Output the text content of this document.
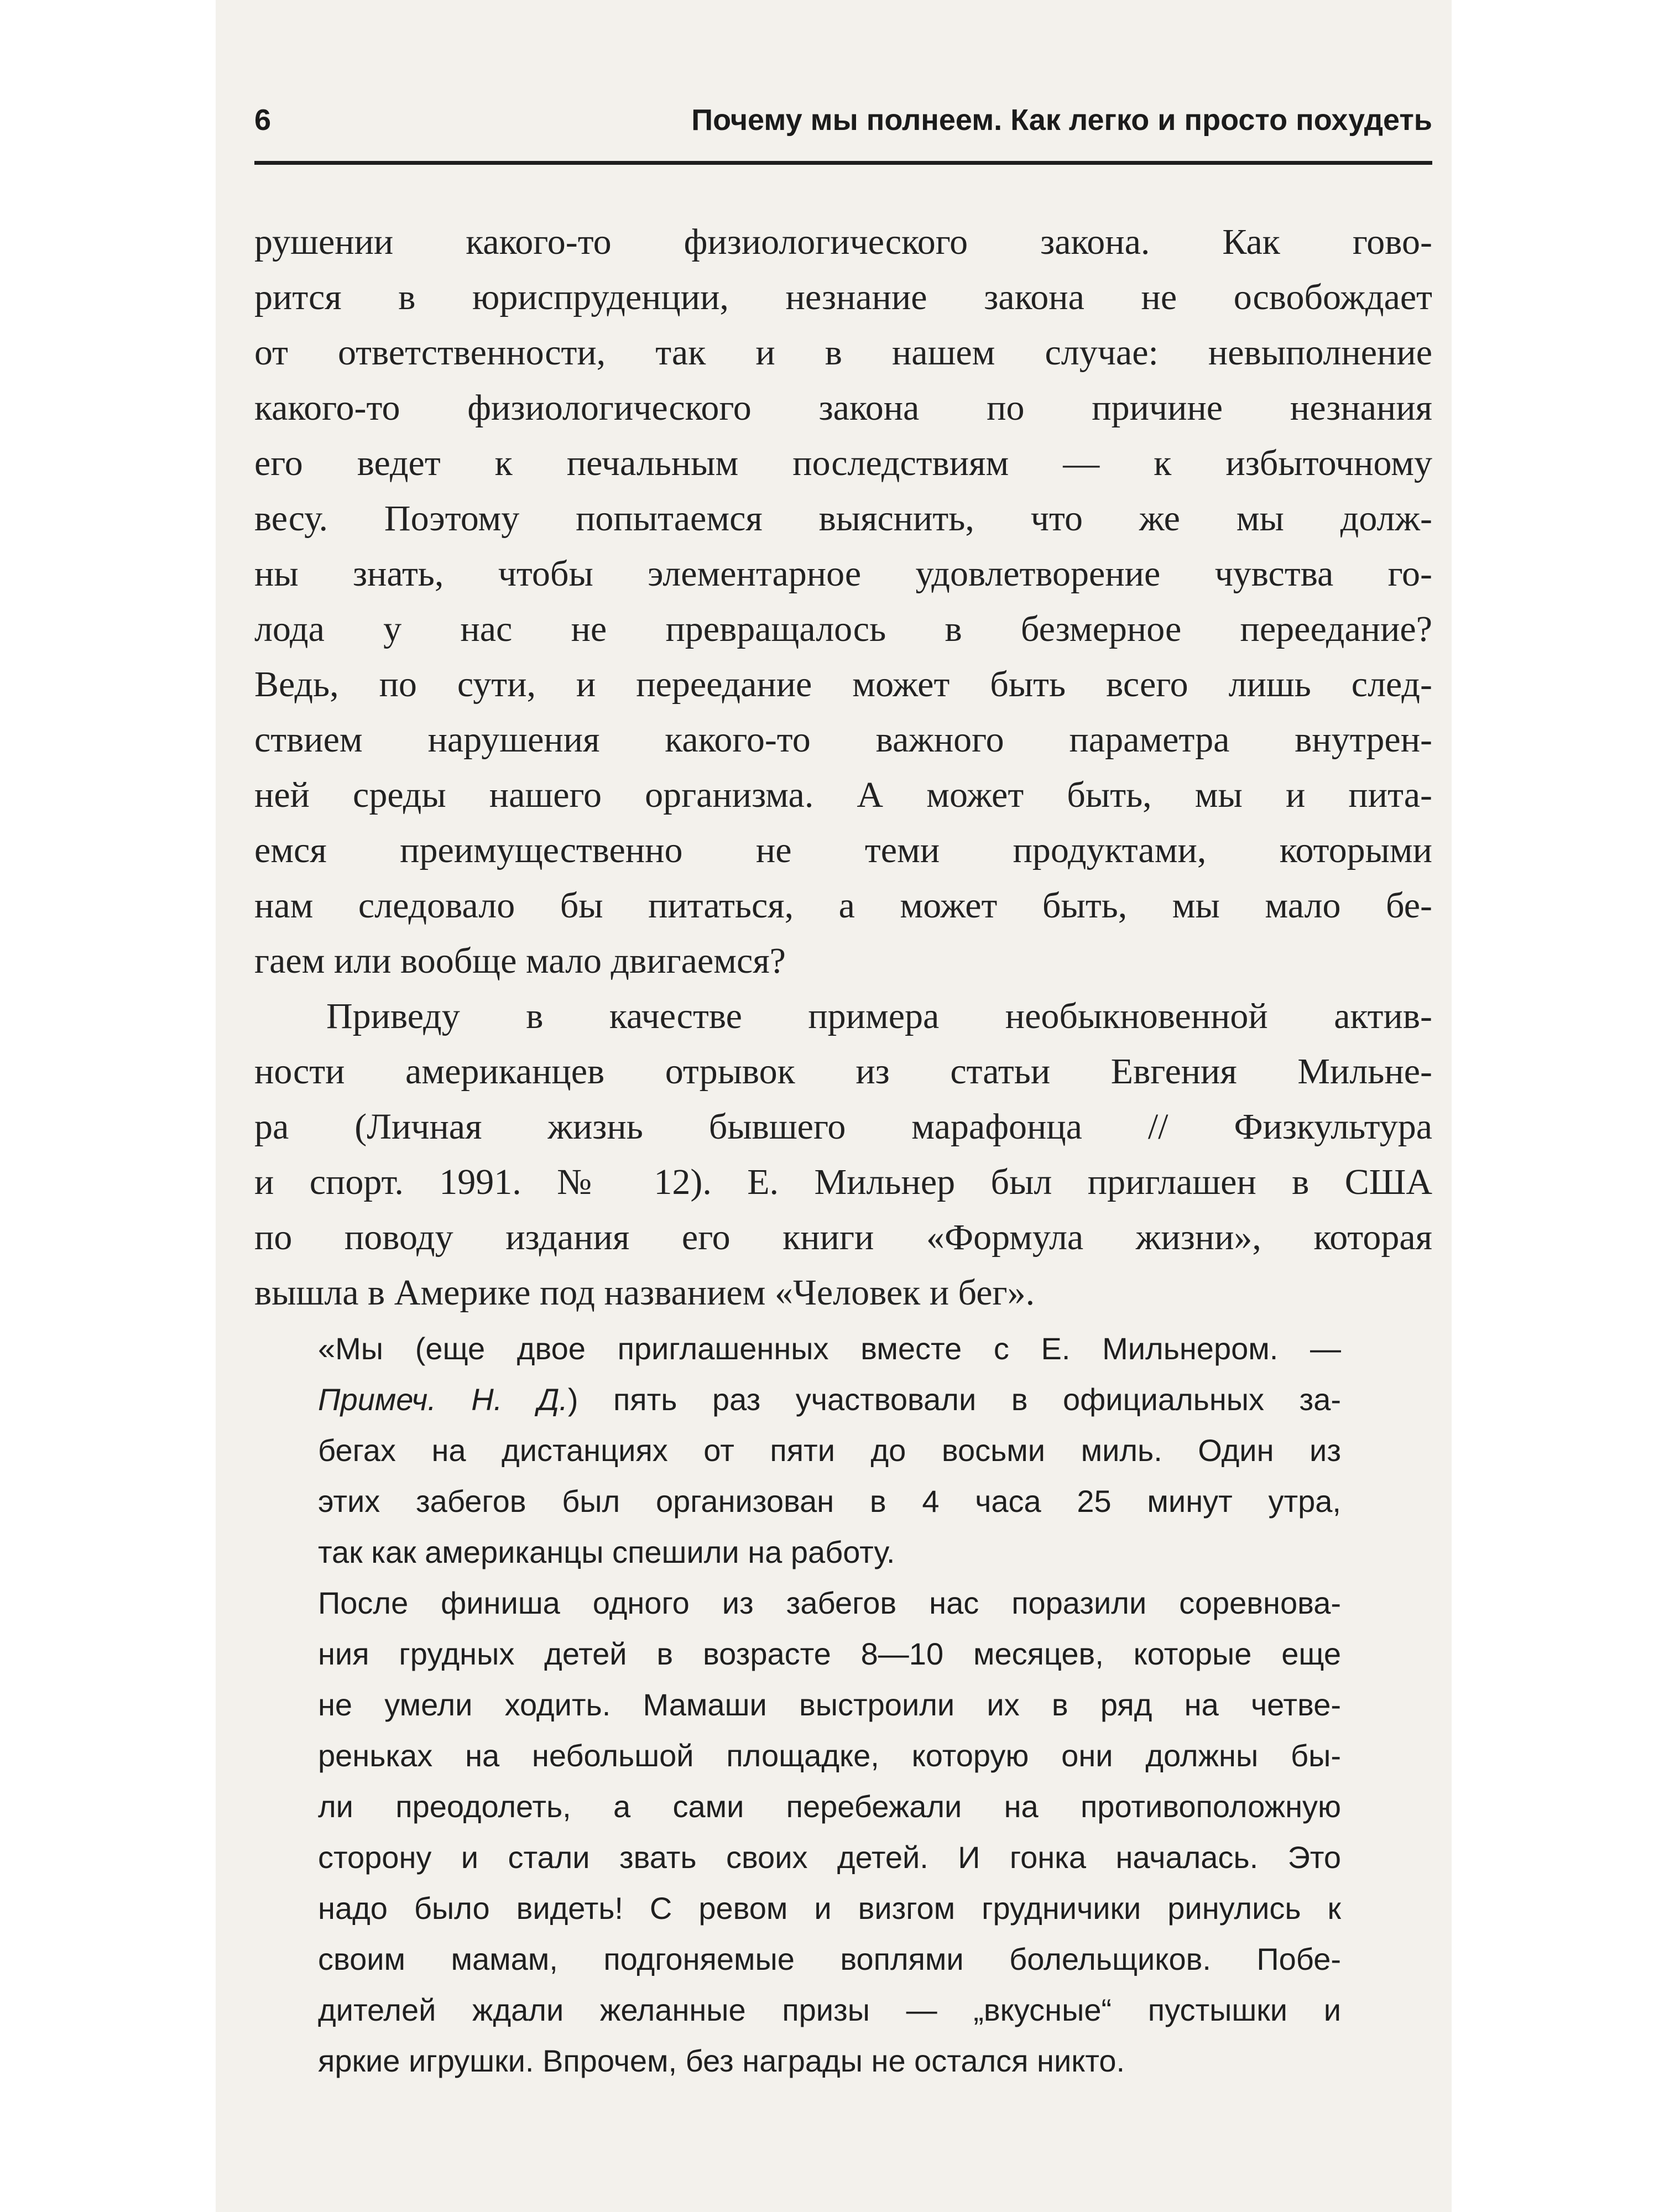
6	Почему мы полнеем. Как легко и просто похудеть
рушении какого-то физиологического закона. Как гово-
рится в юриспруденции, незнание закона не освобождает
от ответственности, так и в нашем случае: невыполнение
какого-то физиологического закона по причине незнания
его ведет к печальным последствиям — к избыточному
весу. Поэтому попытаемся выяснить, что же мы долж-
ны знать, чтобы элементарное удовлетворение чувства го-
лода у нас не превращалось в безмерное переедание?
Ведь, по сути, и переедание может быть всего лишь след-
ствием нарушения какого-то важного параметра внутрен-
ней среды нашего организма. А может быть, мы и пита-
емся преимущественно не теми продуктами, которыми
нам следовало бы питаться, а может быть, мы мало бе-
гаем или вообще мало двигаемся?
Приведу в качестве примера необыкновенной актив-
ности американцев отрывок из статьи Евгения Мильне-
ра (Личная жизнь бывшего марафонца // Физкультура
и спорт. 1991. № 12). Е. Мильнер был приглашен в США
по поводу издания его книги «Формула жизни», которая
вышла в Америке под названием «Человек и бег».
«Мы (еще двое приглашенных вместе с Е. Мильнером. —
Примеч. Н. Д.) пять раз участвовали в официальных за-
бегах на дистанциях от пяти до восьми миль. Один из
этих забегов был организован в 4 часа 25 минут утра,
так как американцы спешили на работу.
После финиша одного из забегов нас поразили соревнова-
ния грудных детей в возрасте 8—10 месяцев, которые еще
не умели ходить. Мамаши выстроили их в ряд на четве-
реньках на небольшой площадке, которую они должны бы-
ли преодолеть, а сами перебежали на противоположную
сторону и стали звать своих детей. И гонка началась. Это
надо было видеть! С ревом и визгом грудничики ринулись к
своим мамам, подгоняемые воплями болельщиков. Побе-
дителей ждали желанные призы — „вкусные“ пустышки и
яркие игрушки. Впрочем, без награды не остался никто.
